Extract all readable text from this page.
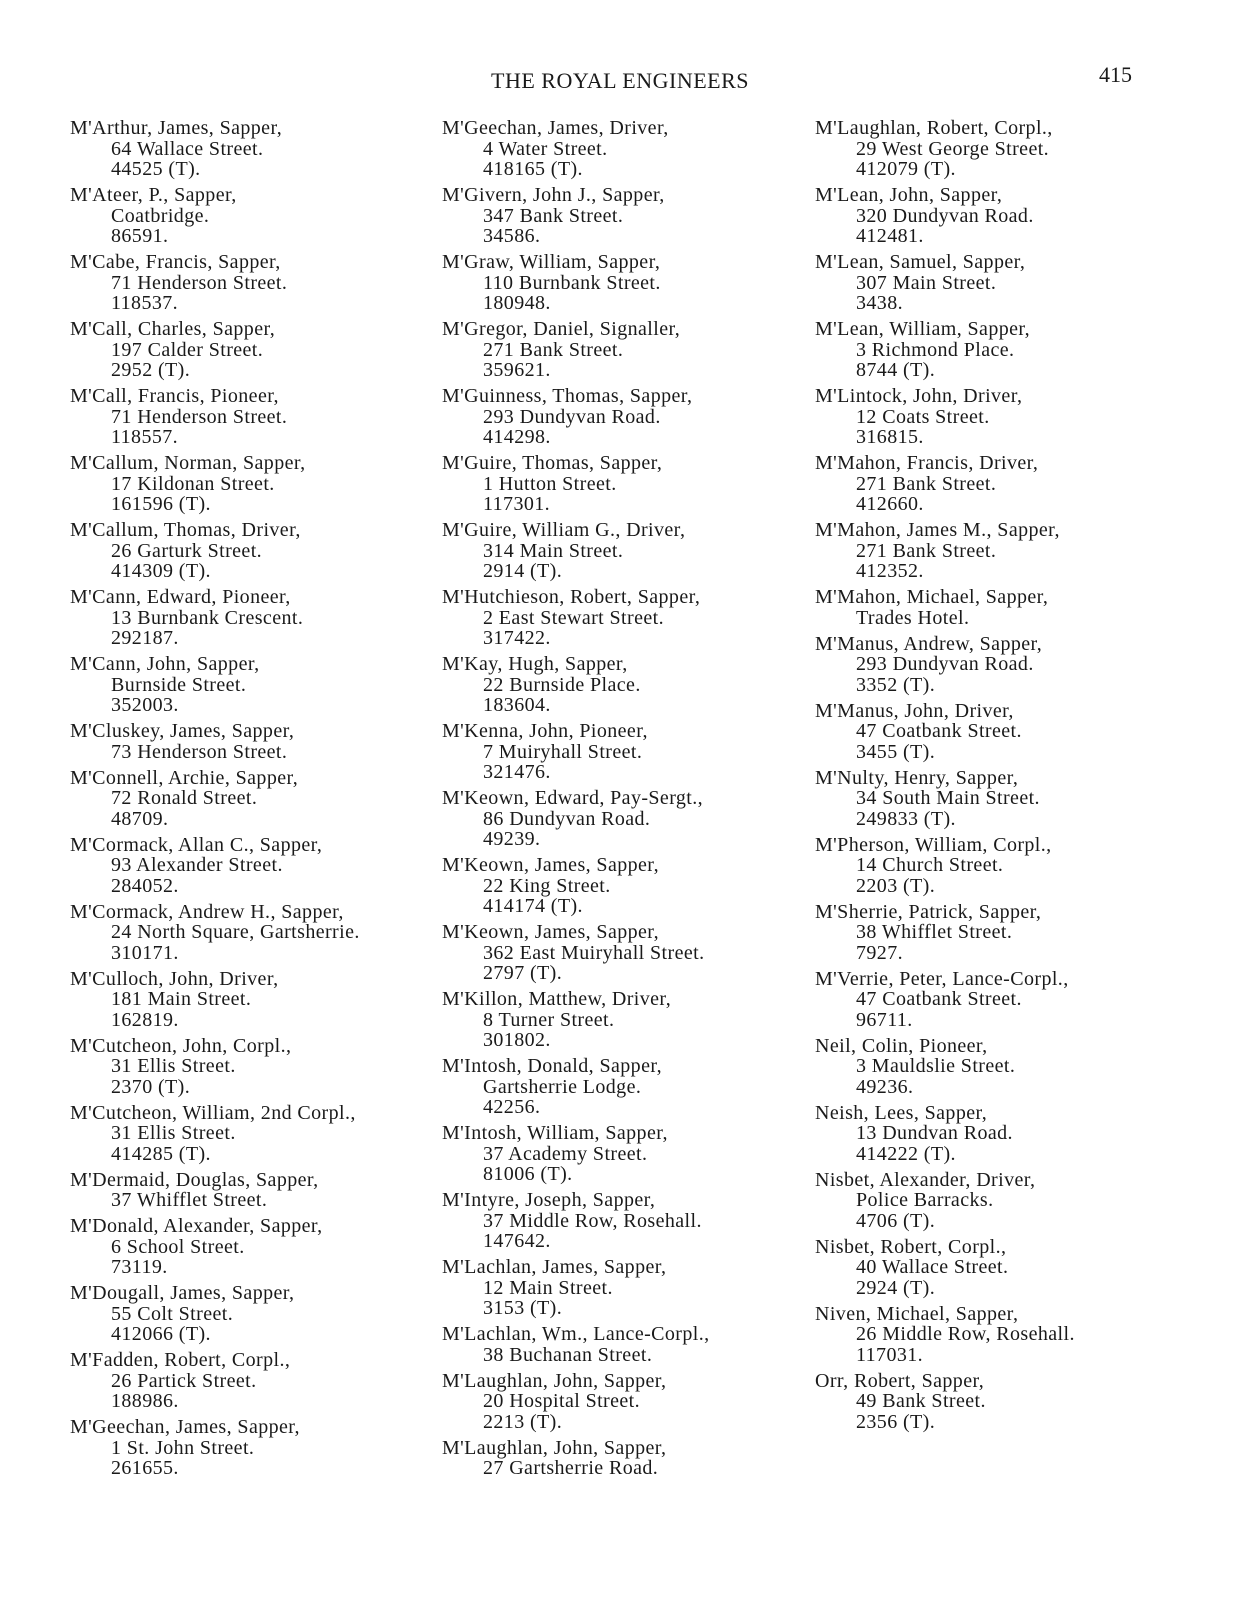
THE ROYAL ENGINEERS	415
M'Arthur, James, Sapper,
64 Wallace Street.
44525 (T).
M'Ateer, P., Sapper,
Coatbridge.
86591.
M'Cabe, Francis, Sapper,
71 Henderson Street.
118537.
M'Call, Charles, Sapper,
197 Calder Street.
2952 (T).
M'Call, Francis, Pioneer,
71 Henderson Street.
118557.
M'Callum, Norman, Sapper,
17 Kildonan Street.
161596 (T).
M'Callum, Thomas, Driver,
26 Garturk Street.
414309 (T).
M'Cann, Edward, Pioneer,
13 Burnbank Crescent.
292187.
M'Cann, John, Sapper,
Burnside Street.
352003.
M'Cluskey, James, Sapper,
73 Henderson Street.
M'Connell, Archie, Sapper,
72 Ronald Street.
48709.
M'Cormack, Allan C., Sapper,
93 Alexander Street.
284052.
M'Cormack, Andrew H., Sapper,
24 North Square, Gartsherrie.
310171.
M'Culloch, John, Driver,
181 Main Street.
162819.
M'Cutcheon, John, Corpl.,
31 Ellis Street.
2370 (T).
M'Cutcheon, William, 2nd Corpl.,
31 Ellis Street.
414285 (T).
M'Dermaid, Douglas, Sapper,
37 Whifflet Street.
M'Donald, Alexander, Sapper,
6 School Street.
73119.
M'Dougall, James, Sapper,
55 Colt Street.
412066 (T).
M'Fadden, Robert, Corpl.,
26 Partick Street.
188986.
M'Geechan, James, Sapper,
1 St. John Street.
261655.
M'Geechan, James, Driver,
4 Water Street.
418165 (T).
M'Givern, John J., Sapper,
347 Bank Street.
34586.
M'Graw, William, Sapper,
110 Burnbank Street.
180948.
M'Gregor, Daniel, Signaller,
271 Bank Street.
359621.
M'Guinness, Thomas, Sapper,
293 Dundyvan Road.
414298.
M'Guire, Thomas, Sapper,
1 Hutton Street.
117301.
M'Guire, William G., Driver,
314 Main Street.
2914 (T).
M'Hutchieson, Robert, Sapper,
2 East Stewart Street.
317422.
M'Kay, Hugh, Sapper,
22 Burnside Place.
183604.
M'Kenna, John, Pioneer,
7 Muiryhall Street.
321476.
M'Keown, Edward, Pay-Sergt.,
86 Dundyvan Road.
49239.
M'Keown, James, Sapper,
22 King Street.
414174 (T).
M'Keown, James, Sapper,
362 East Muiryhall Street.
2797 (T).
M'Killon, Matthew, Driver,
8 Turner Street.
301802.
M'Intosh, Donald, Sapper,
Gartsherrie Lodge.
42256.
M'Intosh, William, Sapper,
37 Academy Street.
81006 (T).
M'Intyre, Joseph, Sapper,
37 Middle Row, Rosehall.
147642.
M'Lachlan, James, Sapper,
12 Main Street.
3153 (T).
M'Lachlan, Wm., Lance-Corpl.,
38 Buchanan Street.
M'Laughlan, John, Sapper,
20 Hospital Street.
2213 (T).
M'Laughlan, John, Sapper,
27 Gartsherrie Road.
M'Laughlan, Robert, Corpl.,
29 West George Street.
412079 (T).
M'Lean, John, Sapper,
320 Dundyvan Road.
412481.
M'Lean, Samuel, Sapper,
307 Main Street.
3438.
M'Lean, William, Sapper,
3 Richmond Place.
8744 (T).
M'Lintock, John, Driver,
12 Coats Street.
316815.
M'Mahon, Francis, Driver,
271 Bank Street.
412660.
M'Mahon, James M., Sapper,
271 Bank Street.
412352.
M'Mahon, Michael, Sapper,
Trades Hotel.
M'Manus, Andrew, Sapper,
293 Dundyvan Road.
3352 (T).
M'Manus, John, Driver,
47 Coatbank Street.
3455 (T).
M'Nulty, Henry, Sapper,
34 South Main Street.
249833 (T).
M'Pherson, William, Corpl.,
14 Church Street.
2203 (T).
M'Sherrie, Patrick, Sapper,
38 Whifflet Street.
7927.
M'Verrie, Peter, Lance-Corpl.,
47 Coatbank Street.
96711.
Neil, Colin, Pioneer,
3 Mauldslie Street.
49236.
Neish, Lees, Sapper,
13 Dundvan Road.
414222 (T).
Nisbet, Alexander, Driver,
Police Barracks.
4706 (T).
Nisbet, Robert, Corpl.,
40 Wallace Street.
2924 (T).
Niven, Michael, Sapper,
26 Middle Row, Rosehall.
117031.
Orr, Robert, Sapper,
49 Bank Street.
2356 (T).
